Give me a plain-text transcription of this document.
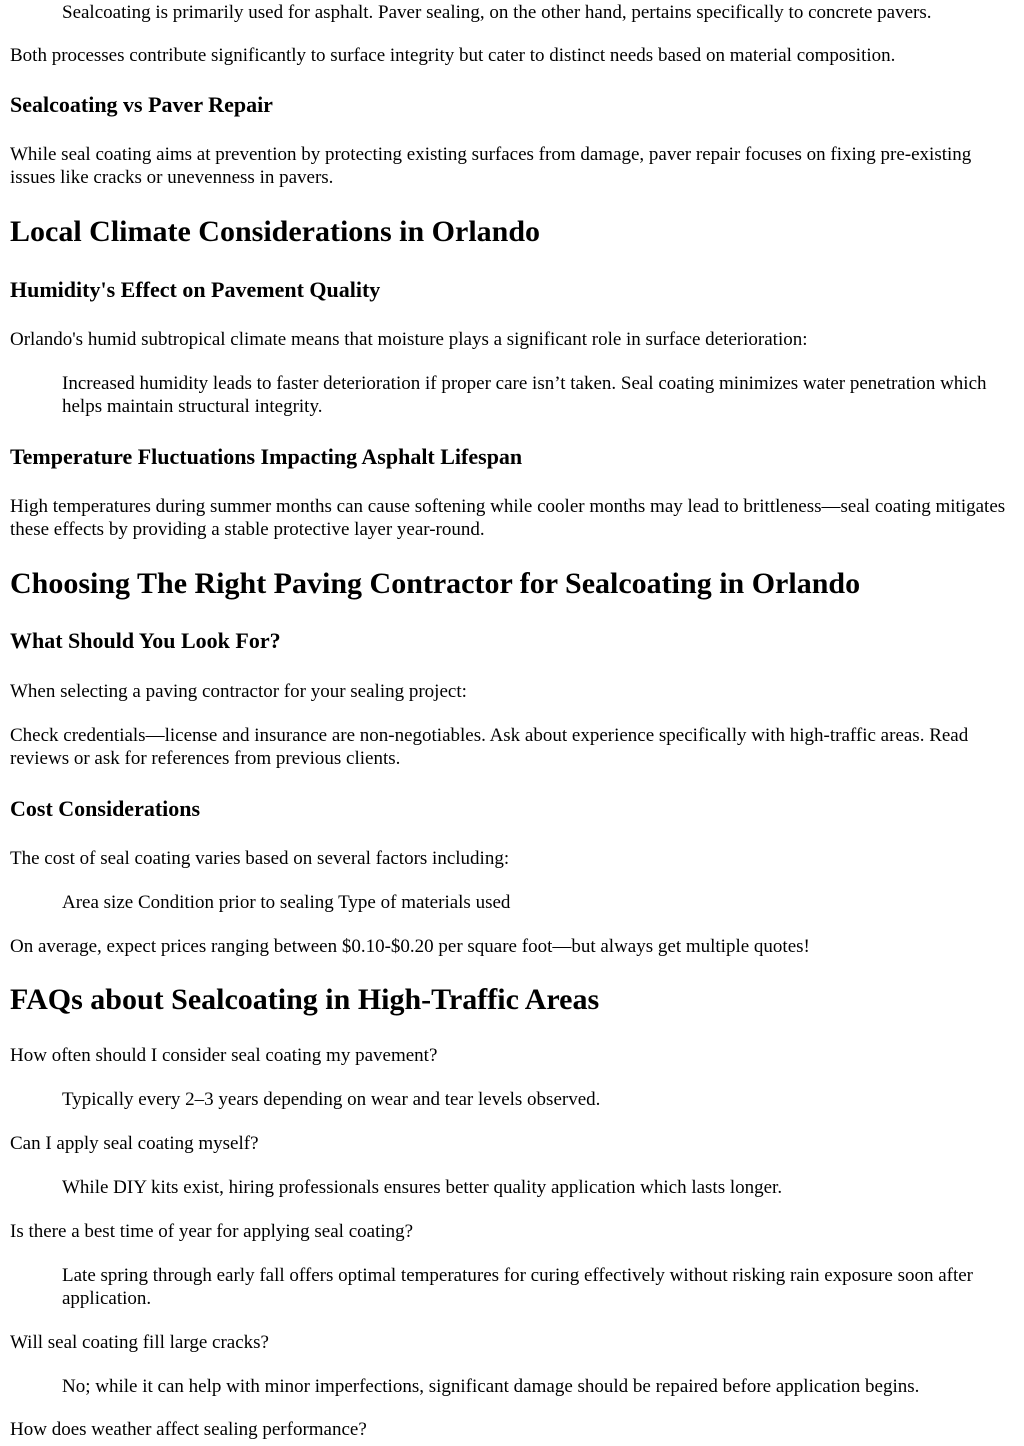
Sealcoating is primarily used for asphalt. Paver sealing, on the other hand, pertains specifically to concrete pavers.

Both processes contribute significantly to surface integrity but cater to distinct needs based on material composition.

Sealcoating vs Paver Repair

While seal coating aims at prevention by protecting existing surfaces from damage, paver repair focuses on fixing pre-existing issues like cracks or unevenness in pavers.

Local Climate Considerations in Orlando
Humidity's Effect on Pavement Quality

Orlando's humid subtropical climate means that moisture plays a significant role in surface deterioration:

Increased humidity leads to faster deterioration if proper care isn’t taken. Seal coating minimizes water penetration which helps maintain structural integrity.

Temperature Fluctuations Impacting Asphalt Lifespan

High temperatures during summer months can cause softening while cooler months may lead to brittleness—seal coating mitigates these effects by providing a stable protective layer year-round.

Choosing The Right Paving Contractor for Sealcoating in Orlando
What Should You Look For?

When selecting a paving contractor for your sealing project:

Check credentials—license and insurance are non-negotiables. Ask about experience specifically with high-traffic areas. Read reviews or ask for references from previous clients.

Cost Considerations

The cost of seal coating varies based on several factors including:

Area size Condition prior to sealing Type of materials used

On average, expect prices ranging between $0.10-$0.20 per square foot—but always get multiple quotes!

FAQs about Sealcoating in High-Traffic Areas

How often should I consider seal coating my pavement?

Typically every 2–3 years depending on wear and tear levels observed.

Can I apply seal coating myself?

While DIY kits exist, hiring professionals ensures better quality application which lasts longer.

Is there a best time of year for applying seal coating?

Late spring through early fall offers optimal temperatures for curing effectively without risking rain exposure soon after application.

Will seal coating fill large cracks?

No; while it can help with minor imperfections, significant damage should be repaired before application begins.

How does weather affect sealing performance?
